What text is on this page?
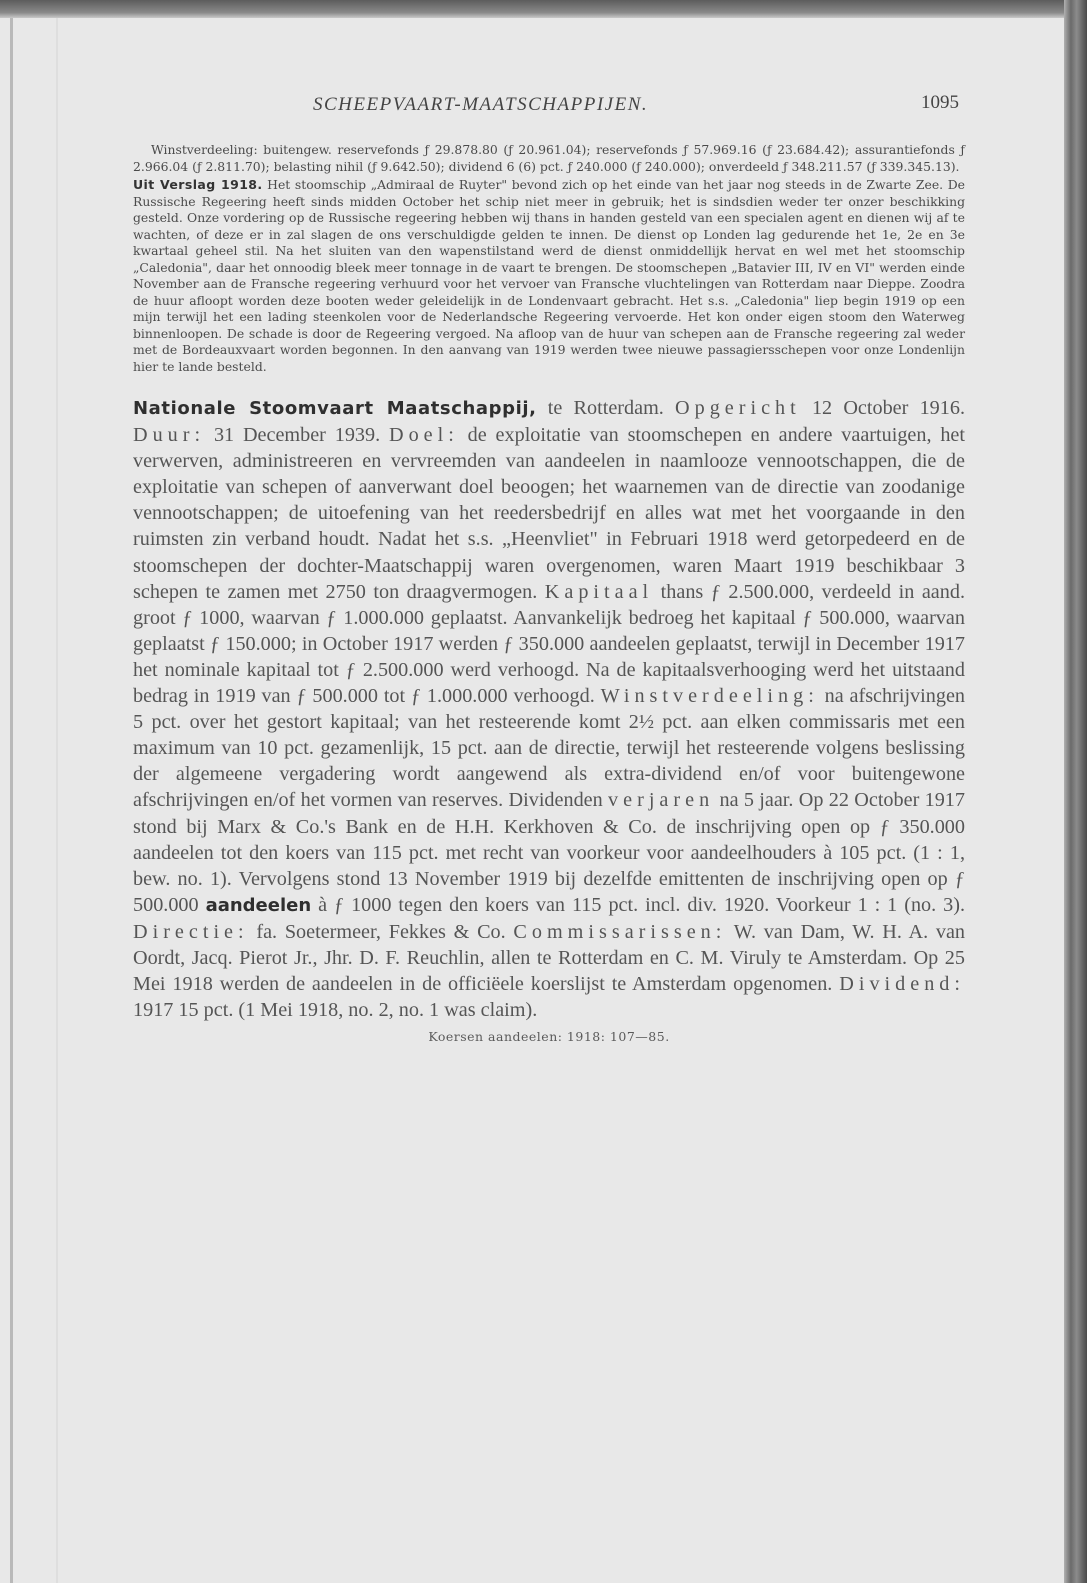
SCHEEPVAART-MAATSCHAPPIJEN.	1095

Winstverdeeling: buitengew. reservefonds ƒ 29.878.80 (ƒ 20.961.04); reservefonds ƒ 57.969.16 (ƒ 23.684.42); assurantiefonds ƒ 2.966.04 (ƒ 2.811.70); belasting nihil (ƒ 9.642.50); dividend 6 (6) pct. ƒ 240.000 (ƒ 240.000); onverdeeld ƒ 348.211.57 (ƒ 339.345.13).

Uit Verslag 1918. Het stoomschip „Admiraal de Ruyter" bevond zich op het einde van het jaar nog steeds in de Zwarte Zee. De Russische Regeering heeft sinds midden October het schip niet meer in gebruik; het is sindsdien weder ter onzer beschikking gesteld. Onze vordering op de Russische regeering hebben wij thans in handen gesteld van een specialen agent en dienen wij af te wachten, of deze er in zal slagen de ons verschuldigde gelden te innen. De dienst op Londen lag gedurende het 1e, 2e en 3e kwartaal geheel stil. Na het sluiten van den wapenstilstand werd de dienst onmiddellijk hervat en wel met het stoomschip „Caledonia", daar het onnoodig bleek meer tonnage in de vaart te brengen. De stoomschepen „Batavier III, IV en VI" werden einde November aan de Fransche regeering verhuurd voor het vervoer van Fransche vluchtelingen van Rotterdam naar Dieppe. Zoodra de huur afloopt worden deze booten weder geleidelijk in de Londenvaart gebracht. Het s.s. „Caledonia" liep begin 1919 op een mijn terwijl het een lading steenkolen voor de Nederlandsche Regeering vervoerde. Het kon onder eigen stoom den Waterweg binnenloopen. De schade is door de Regeering vergoed. Na afloop van de huur van schepen aan de Fransche regeering zal weder met de Bordeauxvaart worden begonnen. In den aanvang van 1919 werden twee nieuwe passagiersschepen voor onze Londenlijn hier te lande besteld.

Nationale Stoomvaart Maatschappij, te Rotterdam. Opgericht 12 October 1916. Duur: 31 December 1939. Doel: de exploitatie van stoomschepen en andere vaartuigen, het verwerven, administreeren en vervreemden van aandeelen in naamlooze vennootschappen, die de exploitatie van schepen of aanverwant doel beoogen; het waarnemen van de directie van zoodanige vennootschappen; de uitoefening van het reedersbedrijf en alles wat met het voorgaande in den ruimsten zin verband houdt. Nadat het s.s. „Heenvliet" in Februari 1918 werd getorpedeerd en de stoomschepen der dochter-Maatschappij waren overgenomen, waren Maart 1919 beschikbaar 3 schepen te zamen met 2750 ton draagvermogen. Kapitaal thans ƒ 2.500.000, verdeeld in aand. groot ƒ 1000, waarvan ƒ 1.000.000 geplaatst. Aanvankelijk bedroeg het kapitaal ƒ 500.000, waarvan geplaatst ƒ 150.000; in October 1917 werden ƒ 350.000 aandeelen geplaatst, terwijl in December 1917 het nominale kapitaal tot ƒ 2.500.000 werd verhoogd. Na de kapitaalsverhooging werd het uitstaand bedrag in 1919 van ƒ 500.000 tot ƒ 1.000.000 verhoogd. Winstverdeeling: na afschrijvingen 5 pct. over het gestort kapitaal; van het resteerende komt 2½ pct. aan elken commissaris met een maximum van 10 pct. gezamenlijk, 15 pct. aan de directie, terwijl het resteerende volgens beslissing der algemeene vergadering wordt aangewend als extra-dividend en/of voor buitengewone afschrijvingen en/of het vormen van reserves. Dividenden verjaren na 5 jaar. Op 22 October 1917 stond bij Marx & Co.'s Bank en de H.H. Kerkhoven & Co. de inschrijving open op ƒ 350.000 aandeelen tot den koers van 115 pct. met recht van voorkeur voor aandeelhouders à 105 pct. (1 : 1, bew. no. 1). Vervolgens stond 13 November 1919 bij dezelfde emittenten de inschrijving open op ƒ 500.000 aandeelen à ƒ 1000 tegen den koers van 115 pct. incl. div. 1920. Voorkeur 1 : 1 (no. 3). Directie: fa. Soetermeer, Fekkes & Co. Commissarissen: W. van Dam, W. H. A. van Oordt, Jacq. Pierot Jr., Jhr. D. F. Reuchlin, allen te Rotterdam en C. M. Viruly te Amsterdam. Op 25 Mei 1918 werden de aandeelen in de officiëele koerslijst te Amsterdam opgenomen. Dividend: 1917 15 pct. (1 Mei 1918, no. 2, no. 1 was claim).

Koersen aandeelen: 1918: 107—85.
